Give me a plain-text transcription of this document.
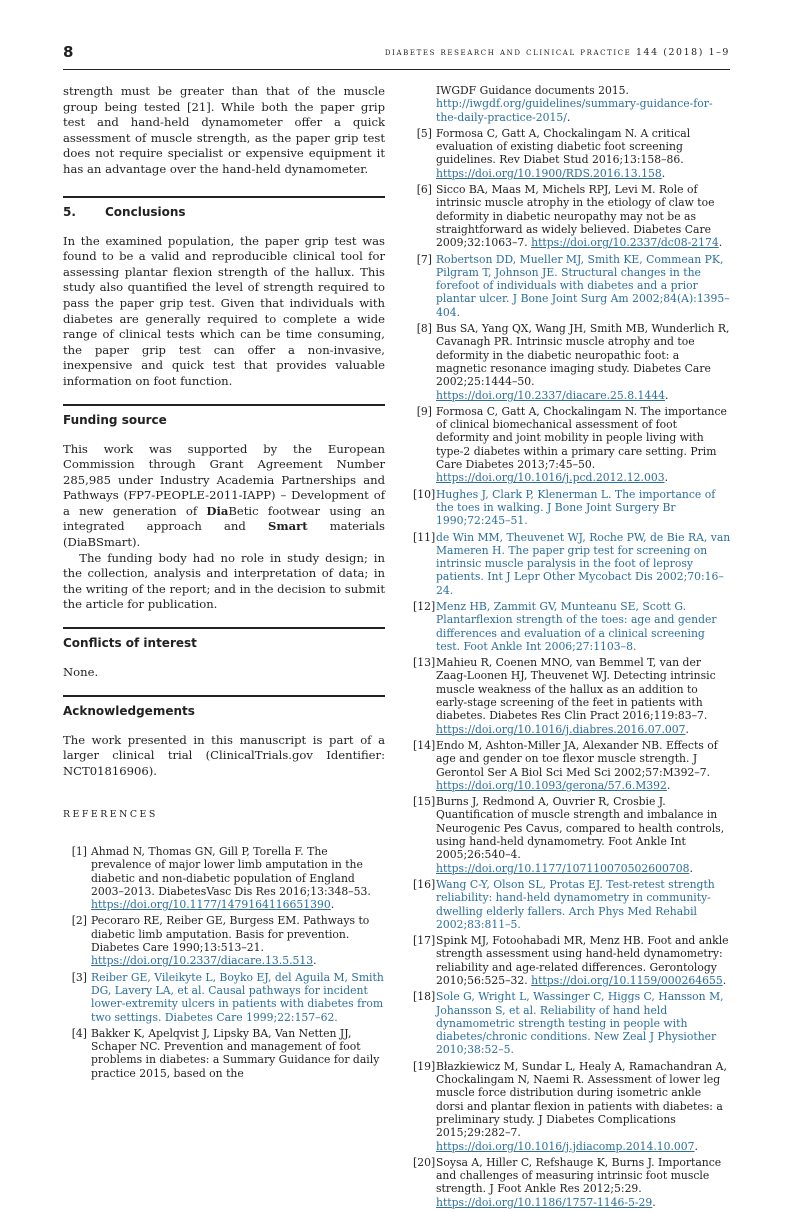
8	diabetes research and clinical practice 144 (2018) 1–9

strength must be greater than that of the muscle group being tested [21]. While both the paper grip test and hand-held dynamometer offer a quick assessment of muscle strength, as the paper grip test does not require specialist or expensive equipment it has an advantage over the hand-held dynamometer.

5. Conclusions

In the examined population, the paper grip test was found to be a valid and reproducible clinical tool for assessing plantar flexion strength of the hallux. This study also quantified the level of strength required to pass the paper grip test. Given that individuals with diabetes are generally required to complete a wide range of clinical tests which can be time consuming, the paper grip test can offer a non-invasive, inexpensive and quick test that provides valuable information on foot function.

Funding source

This work was supported by the European Commission through Grant Agreement Number 285,985 under Industry Academia Partnerships and Pathways (FP7-PEOPLE-2011-IAPP) – Development of a new generation of DiaBetic footwear using an integrated approach and Smart materials (DiaBSmart).

The funding body had no role in study design; in the collection, analysis and interpretation of data; in the writing of the report; and in the decision to submit the article for publication.

Conflicts of interest

None.

Acknowledgements

The work presented in this manuscript is part of a larger clinical trial (ClinicalTrials.gov Identifier: NCT01816906).

REFERENCES
[1] Ahmad N, Thomas GN, Gill P, Torella F. The prevalence of major lower limb amputation in the diabetic and non-diabetic population of England 2003–2013. DiabetesVasc Dis Res 2016;13:348–53. https://doi.org/10.1177/1479164116651390.
[2] Pecoraro RE, Reiber GE, Burgess EM. Pathways to diabetic limb amputation. Basis for prevention. Diabetes Care 1990;13:513–21. https://doi.org/10.2337/diacare.13.5.513.
[3] Reiber GE, Vileikyte L, Boyko EJ, del Aguila M, Smith DG, Lavery LA, et al. Causal pathways for incident lower-extremity ulcers in patients with diabetes from two settings. Diabetes Care 1999;22:157–62.
[4] Bakker K, Apelqvist J, Lipsky BA, Van Netten JJ, Schaper NC. Prevention and management of foot problems in diabetes: a Summary Guidance for daily practice 2015, based on the
IWGDF Guidance documents 2015. http://iwgdf.org/guidelines/summary-guidance-for-the-daily-practice-2015/.
[5] Formosa C, Gatt A, Chockalingam N. A critical evaluation of existing diabetic foot screening guidelines. Rev Diabet Stud 2016;13:158–86. https://doi.org/10.1900/RDS.2016.13.158.
[6] Sicco BA, Maas M, Michels RPJ, Levi M. Role of intrinsic muscle atrophy in the etiology of claw toe deformity in diabetic neuropathy may not be as straightforward as widely believed. Diabetes Care 2009;32:1063–7. https://doi.org/10.2337/dc08-2174.
[7] Robertson DD, Mueller MJ, Smith KE, Commean PK, Pilgram T, Johnson JE. Structural changes in the forefoot of individuals with diabetes and a prior plantar ulcer. J Bone Joint Surg Am 2002;84(A):1395–404.
[8] Bus SA, Yang QX, Wang JH, Smith MB, Wunderlich R, Cavanagh PR. Intrinsic muscle atrophy and toe deformity in the diabetic neuropathic foot: a magnetic resonance imaging study. Diabetes Care 2002;25:1444–50. https://doi.org/10.2337/diacare.25.8.1444.
[9] Formosa C, Gatt A, Chockalingam N. The importance of clinical biomechanical assessment of foot deformity and joint mobility in people living with type-2 diabetes within a primary care setting. Prim Care Diabetes 2013;7:45–50. https://doi.org/10.1016/j.pcd.2012.12.003.
[10] Hughes J, Clark P, Klenerman L. The importance of the toes in walking. J Bone Joint Surgery Br 1990;72:245–51.
[11] de Win MM, Theuvenet WJ, Roche PW, de Bie RA, van Mameren H. The paper grip test for screening on intrinsic muscle paralysis in the foot of leprosy patients. Int J Lepr Other Mycobact Dis 2002;70:16–24.
[12] Menz HB, Zammit GV, Munteanu SE, Scott G. Plantarflexion strength of the toes: age and gender differences and evaluation of a clinical screening test. Foot Ankle Int 2006;27:1103–8.
[13] Mahieu R, Coenen MNO, van Bemmel T, van der Zaag-Loonen HJ, Theuvenet WJ. Detecting intrinsic muscle weakness of the hallux as an addition to early-stage screening of the feet in patients with diabetes. Diabetes Res Clin Pract 2016;119:83–7. https://doi.org/10.1016/j.diabres.2016.07.007.
[14] Endo M, Ashton-Miller JA, Alexander NB. Effects of age and gender on toe flexor muscle strength. J Gerontol Ser A Biol Sci Med Sci 2002;57:M392–7. https://doi.org/10.1093/gerona/57.6.M392.
[15] Burns J, Redmond A, Ouvrier R, Crosbie J. Quantification of muscle strength and imbalance in Neurogenic Pes Cavus, compared to health controls, using hand-held dynamometry. Foot Ankle Int 2005;26:540–4. https://doi.org/10.1177/107110070502600708.
[16] Wang C-Y, Olson SL, Protas EJ. Test-retest strength reliability: hand-held dynamometry in community-dwelling elderly fallers. Arch Phys Med Rehabil 2002;83:811–5.
[17] Spink MJ, Fotoohabadi MR, Menz HB. Foot and ankle strength assessment using hand-held dynamometry: reliability and age-related differences. Gerontology 2010;56:525–32. https://doi.org/10.1159/000264655.
[18] Sole G, Wright L, Wassinger C, Higgs C, Hansson M, Johansson S, et al. Reliability of hand held dynamometric strength testing in people with diabetes/chronic conditions. New Zeal J Physiother 2010;38:52–5.
[19] Błazkiewicz M, Sundar L, Healy A, Ramachandran A, Chockalingam N, Naemi R. Assessment of lower leg muscle force distribution during isometric ankle dorsi and plantar flexion in patients with diabetes: a preliminary study. J Diabetes Complications 2015;29:282–7. https://doi.org/10.1016/j.jdiacomp.2014.10.007.
[20] Soysa A, Hiller C, Refshauge K, Burns J. Importance and challenges of measuring intrinsic foot muscle strength. J Foot Ankle Res 2012;5:29. https://doi.org/10.1186/1757-1146-5-29.
